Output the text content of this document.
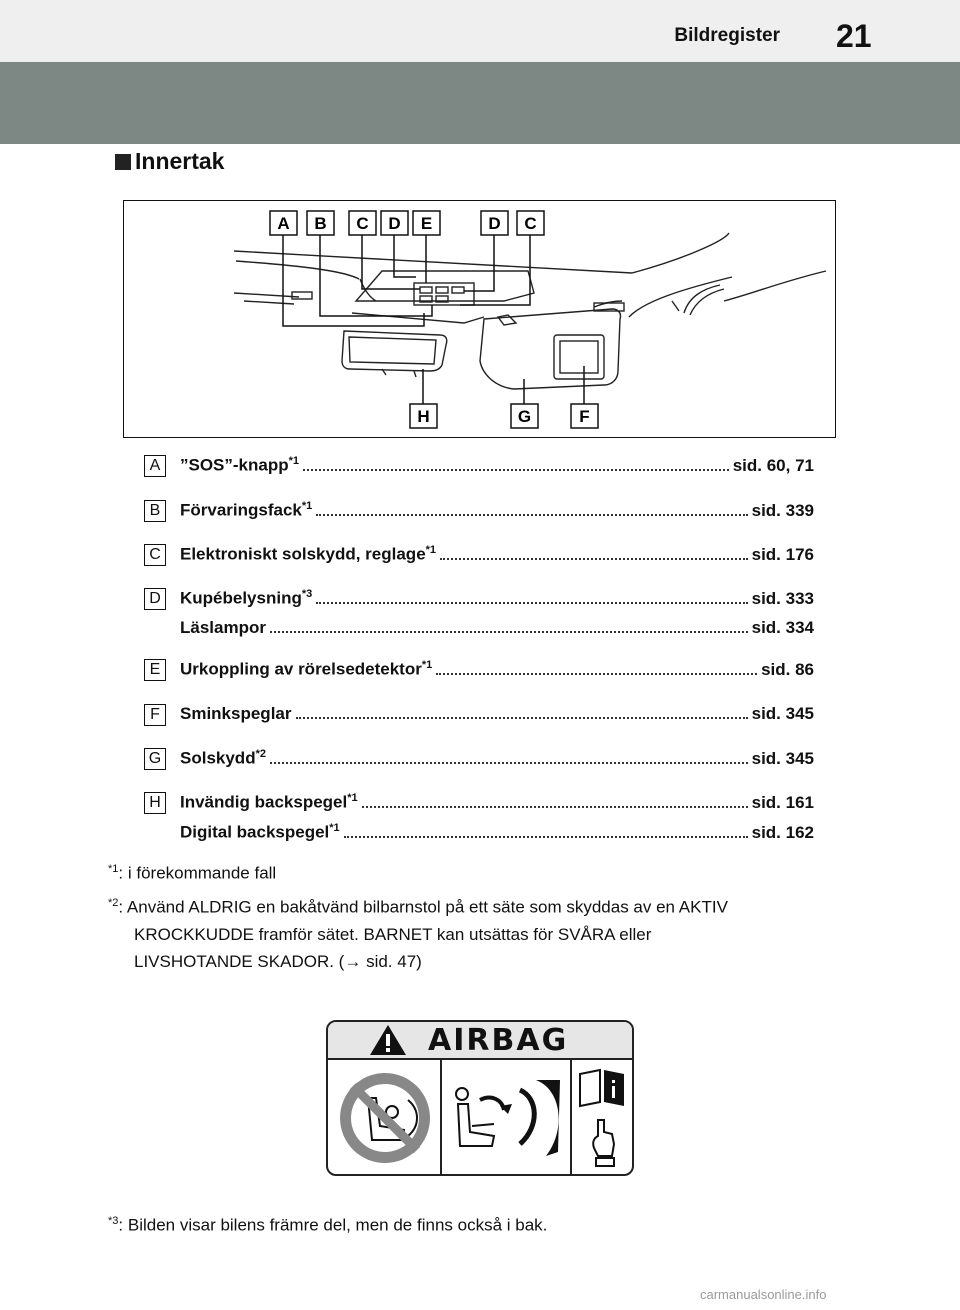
Bildregister 21
Innertak
A B C D E	D C
H	G	F
A	”SOS”-knapp$^{*1}$	sid. 60, 71
B	Förvaringsfack$^{*1}$	sid. 339
C	Elektroniskt solskydd, reglage$^{*1}$	sid. 176
D	Kupébelysning$^{*3}$	sid. 333
Läslampor	sid. 334
E	Urkoppling av rörelsedetektor$^{*1}$	sid. 86
F	Sminkspeglar	sid. 345
G Solskydd$^{*2}$	sid. 345
H	Invändig backspegel$^{*1}$	sid. 161
Digital backspegel$^{*1}$	sid. 162
$^{*1}$: i förekommande fall
$^{*2}$: Använd ALDRIG en bakåtvänd bilbarnstol på ett säte som skyddas av en AKTIV
KROCKKUDDE framför sätet. BARNET kan utsättas för SVÅRA eller
LIVSHOTANDE SKADOR. (→ sid. 47)
AIRBAG
$^{*3}$: Bilden visar bilens främre del, men de finns också i bak.
carmanualsonline.info
